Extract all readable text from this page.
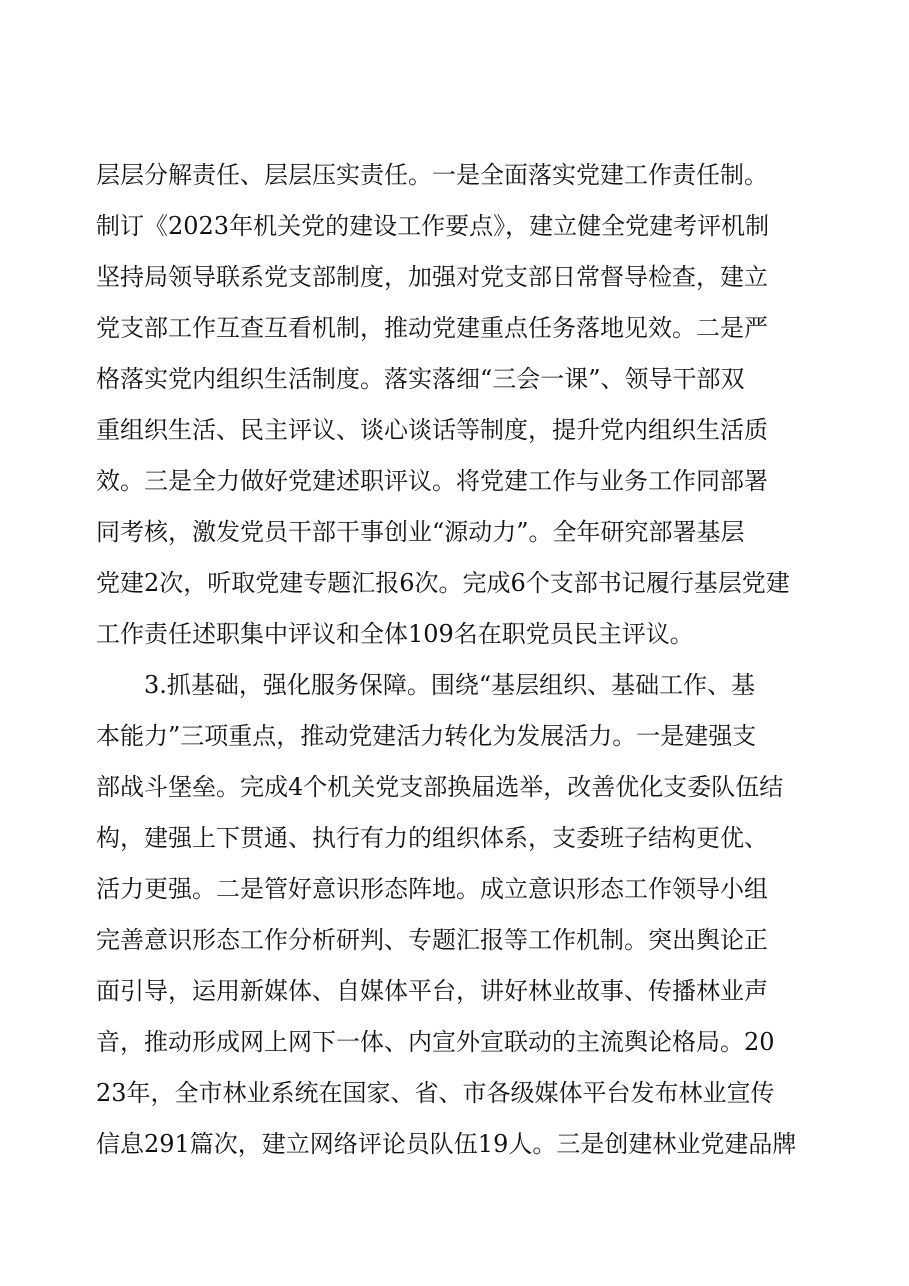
层层分解责任、层层压实责任。一是全面落实党建工作责任制。
制订《2023年机关党的建设工作要点》，建立健全党建考评机制
坚持局领导联系党支部制度，加强对党支部日常督导检查，建立
党支部工作互查互看机制，推动党建重点任务落地见效。二是严
格落实党内组织生活制度。落实落细“三会一课”、领导干部双
重组织生活、民主评议、谈心谈话等制度，提升党内组织生活质
效。三是全力做好党建述职评议。将党建工作与业务工作同部署
同考核，激发党员干部干事创业“源动力”。全年研究部署基层
党建2次，听取党建专题汇报6次。完成6个支部书记履行基层党建
工作责任述职集中评议和全体109名在职党员民主评议。
3.抓基础，强化服务保障。围绕“基层组织、基础工作、基
本能力”三项重点，推动党建活力转化为发展活力。一是建强支
部战斗堡垒。完成4个机关党支部换届选举，改善优化支委队伍结
构，建强上下贯通、执行有力的组织体系，支委班子结构更优、
活力更强。二是管好意识形态阵地。成立意识形态工作领导小组
完善意识形态工作分析研判、专题汇报等工作机制。突出舆论正
面引导，运用新媒体、自媒体平台，讲好林业故事、传播林业声
音，推动形成网上网下一体、内宣外宣联动的主流舆论格局。20
23年，全市林业系统在国家、省、市各级媒体平台发布林业宣传
信息291篇次，建立网络评论员队伍19人。三是创建林业党建品牌
